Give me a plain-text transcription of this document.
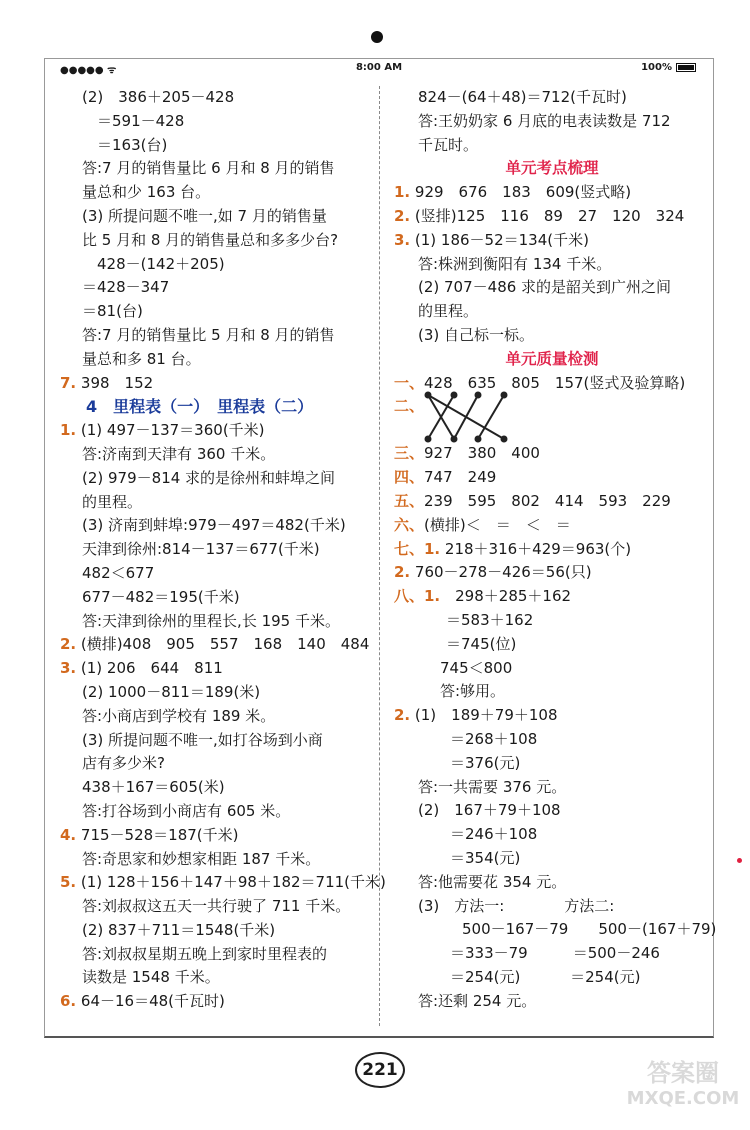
●●●●● ᯤ	8:00 AM	100%
(2)　386＋205－428
　＝591－428
　＝163(台)
答:7 月的销售量比 6 月和 8 月的销售
量总和少 163 台。
(3) 所提问题不唯一,如 7 月的销售量
比 5 月和 8 月的销售量总和多多少台?
　428－(142＋205)
＝428－347
＝81(台)
答:7 月的销售量比 5 月和 8 月的销售
量总和多 81 台。
7. 398　152
4　里程表（一）　里程表（二）
1. (1) 497－137＝360(千米)
答:济南到天津有 360 千米。
(2) 979－814 求的是徐州和蚌埠之间
的里程。
(3) 济南到蚌埠:979－497＝482(千米)
天津到徐州:814－137＝677(千米)
482＜677
677－482＝195(千米)
答:天津到徐州的里程长,长 195 千米。
2. (横排)408　905　557　168　140　484
3. (1) 206　644　811
(2) 1000－811＝189(米)
答:小商店到学校有 189 米。
(3) 所提问题不唯一,如打谷场到小商
店有多少米?
438＋167＝605(米)
答:打谷场到小商店有 605 米。
4. 715－528＝187(千米)
答:奇思家和妙想家相距 187 千米。
5. (1) 128＋156＋147＋98＋182＝711(千米)
答:刘叔叔这五天一共行驶了 711 千米。
(2) 837＋711＝1548(千米)
答:刘叔叔星期五晚上到家时里程表的
读数是 1548 千米。
6. 64－16＝48(千瓦时)
824－(64＋48)＝712(千瓦时)
答:王奶奶家 6 月底的电表读数是 712
千瓦时。
单元考点梳理
1. 929　676　183　609(竖式略)
2. (竖排)125　116　89　27　120　324
3. (1) 186－52＝134(千米)
答:株洲到衡阳有 134 千米。
(2) 707－486 求的是韶关到广州之间
的里程。
(3) 自己标一标。
单元质量检测
一、428　635　805　157(竖式及验算略)
二、
三、927　380　400
四、747　249
五、239　595　802　414　593　229
六、(横排)＜　＝　＜　＝
七、1. 218＋316＋429＝963(个)
2. 760－278－426＝56(只)
八、1.　298＋285＋162
＝583＋162
＝745(位)
745＜800
答:够用。
2. (1)　189＋79＋108
＝268＋108
＝376(元)
答:一共需要 376 元。
(2)　167＋79＋108
＝246＋108
＝354(元)
答:他需要花 354 元。
(3)　方法一:　　　　方法二:
500－167－79　　500－(167＋79)
＝333－79　　　＝500－246
＝254(元)　　　 ＝254(元)
答:还剩 254 元。
221	答案圈
MXQE.COM
